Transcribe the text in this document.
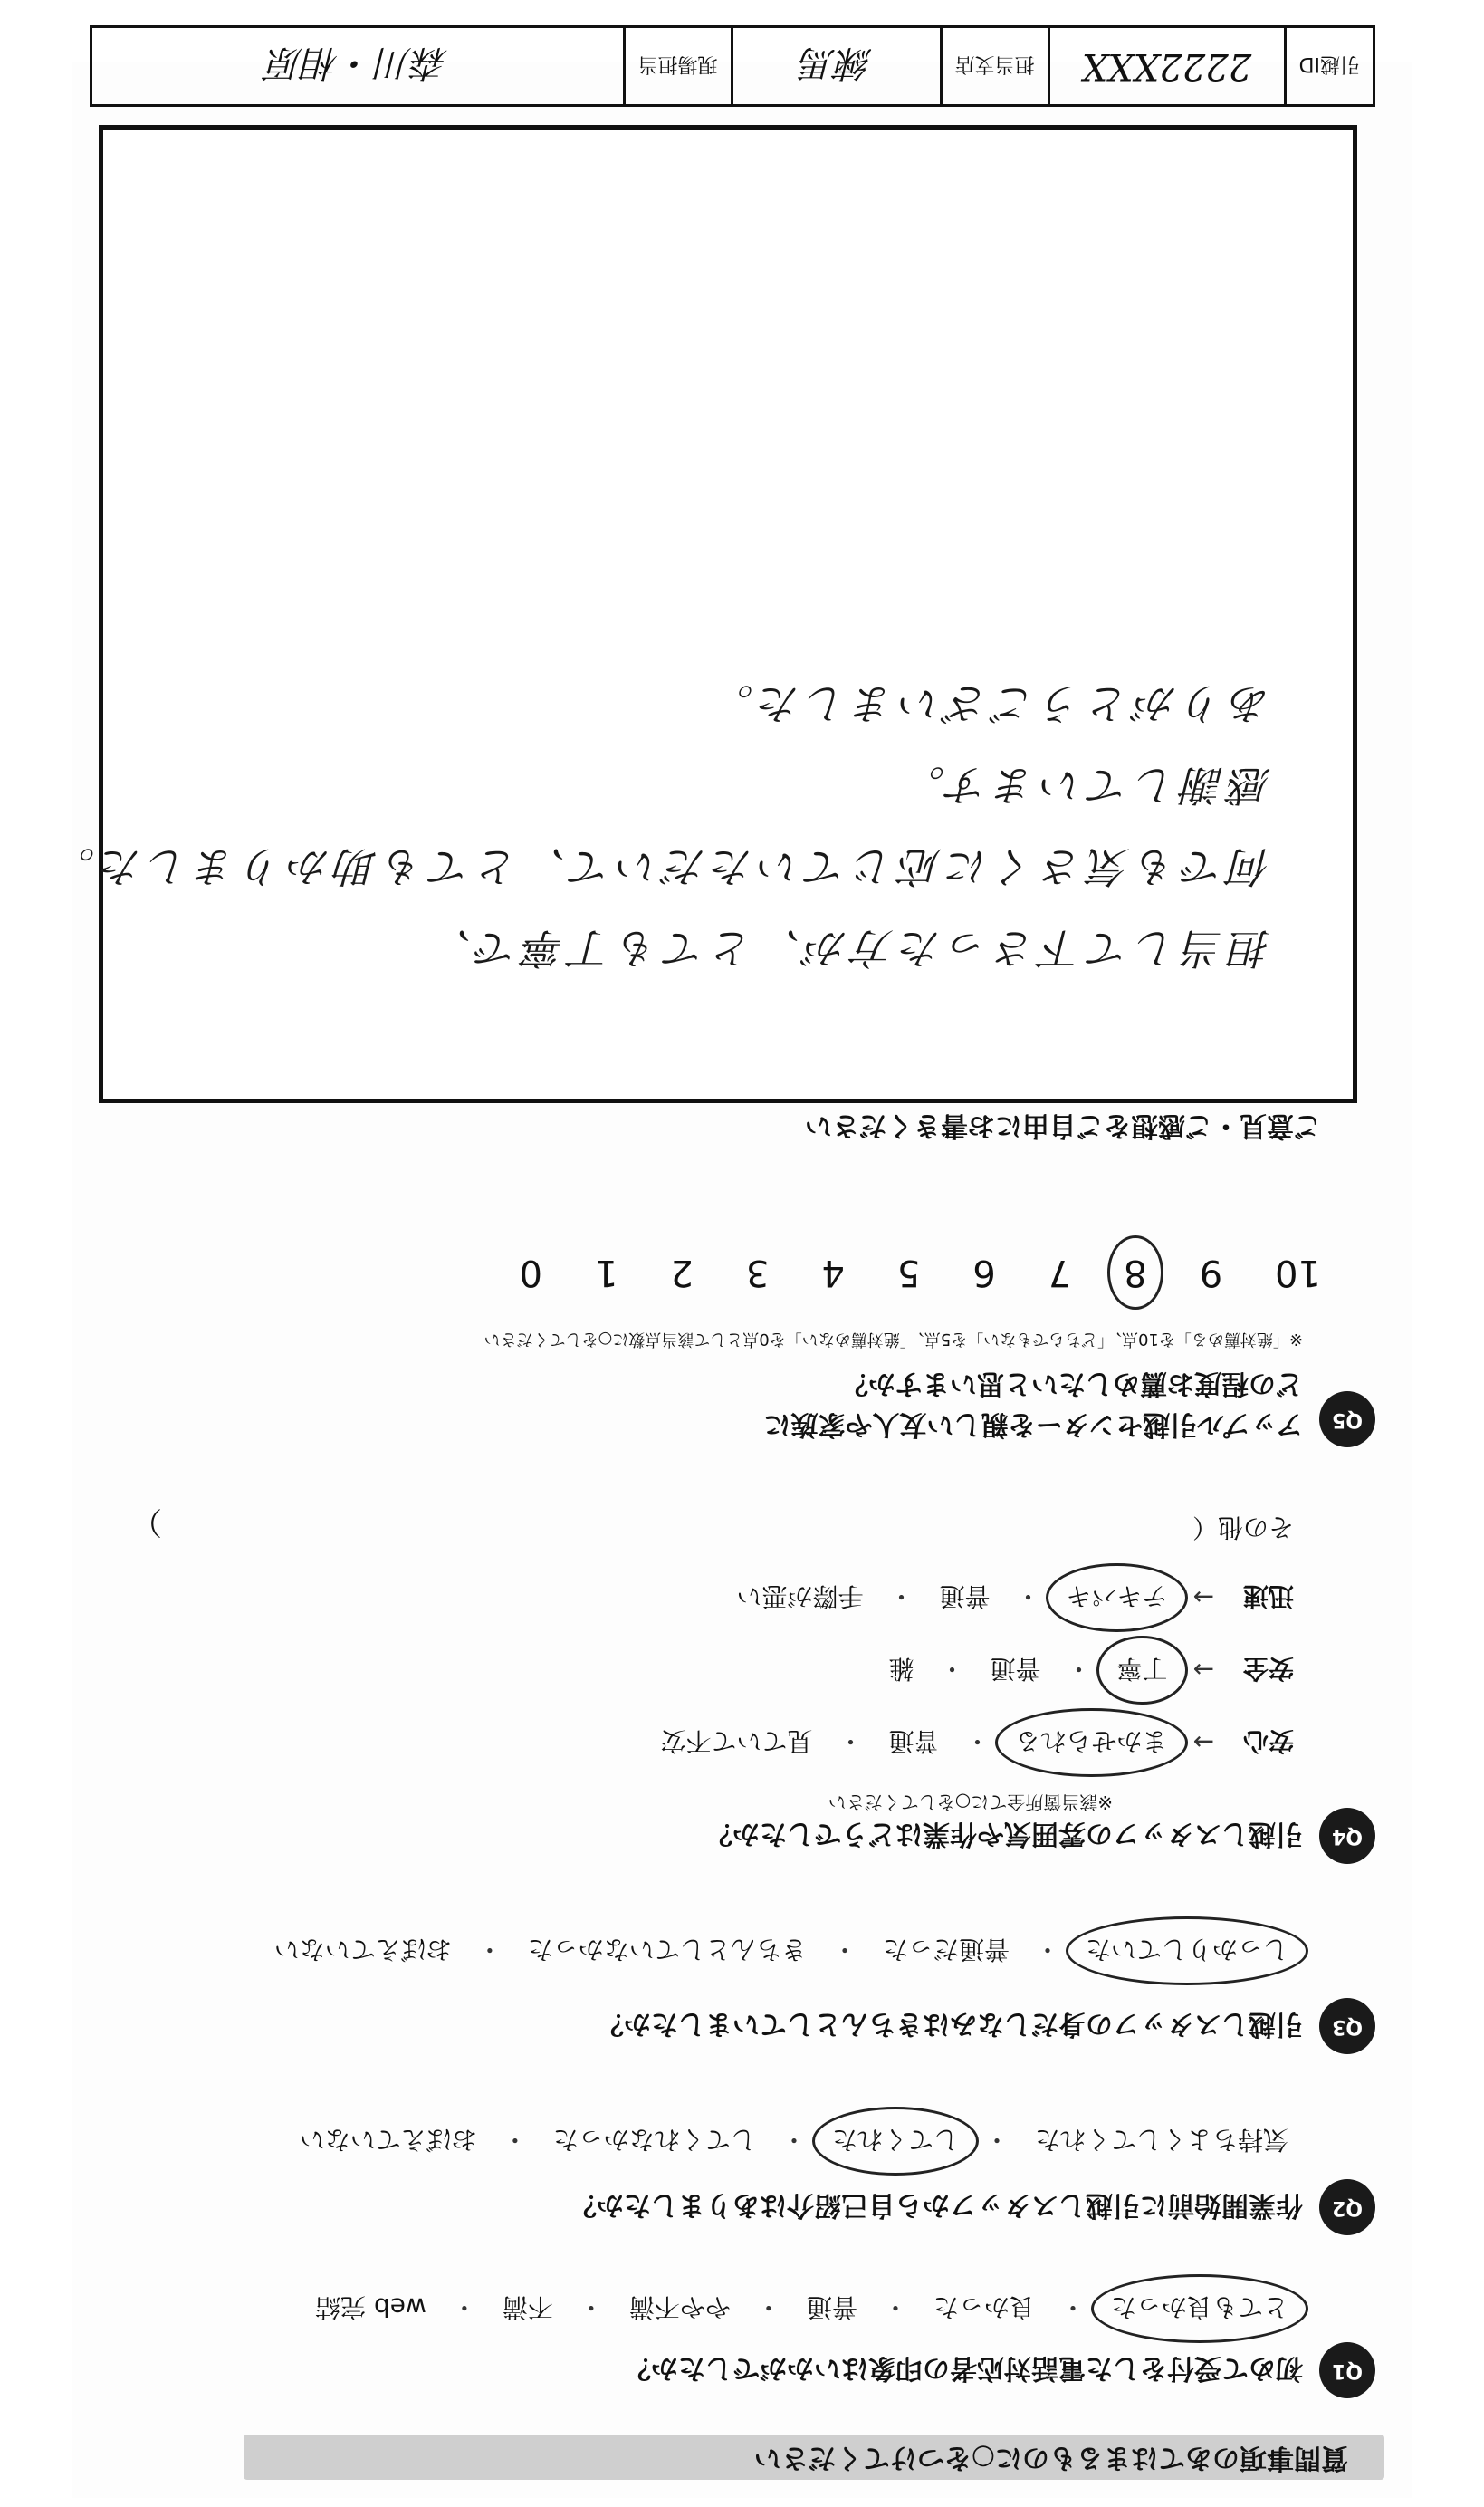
質問事項のあてはまるものに○をつけてください
Q1
初めて受付をした電話対応者の印象はいかがでしたか？
とても良かった
・
良かった
・
普通
・
やや不満
・
不満
・
web 完結
Q2
作業開始前に引越しスタッフから自己紹介はありましたか？
気持ちよくしてくれた
・
してくれた
・
してくれなかった
・
おぼえていない
Q3
引越しスタッフの身だしなみはきちんとしていましたか？
しっかりしていた
・
普通だった
・
きちんとしていなかった
・
おぼえていない
Q4
引越しスタッフの雰囲気や作業はどうでしたか？
※該当箇所全てに○をしてください
安心
→
まかせられる
・
普通
・
見ていて不安
安全
→
丁寧
・
普通
・
雑
迅速
→
テキパキ
・
普通
・
手際が悪い
その他（
）
Q5
アップル引越センターを親しい友人や家族に
どの程度お薦めしたいと思いますか？
※「絶対薦める」を10点、「どちらでもない」を5点、「絶対薦めない」を0点として該当点数に○をしてください
10
9
8
7
6
5
4
3
2
1
0
ご意見・ご感想をご自由にお書きください
担当して下さった方が、とても丁寧で、
何でも気さくに応じていただいて、とても助かりました。
感謝しています。
ありがとうございました。
引越ID
2222XXX
担当支店
練馬
現場担当
森川・相原
